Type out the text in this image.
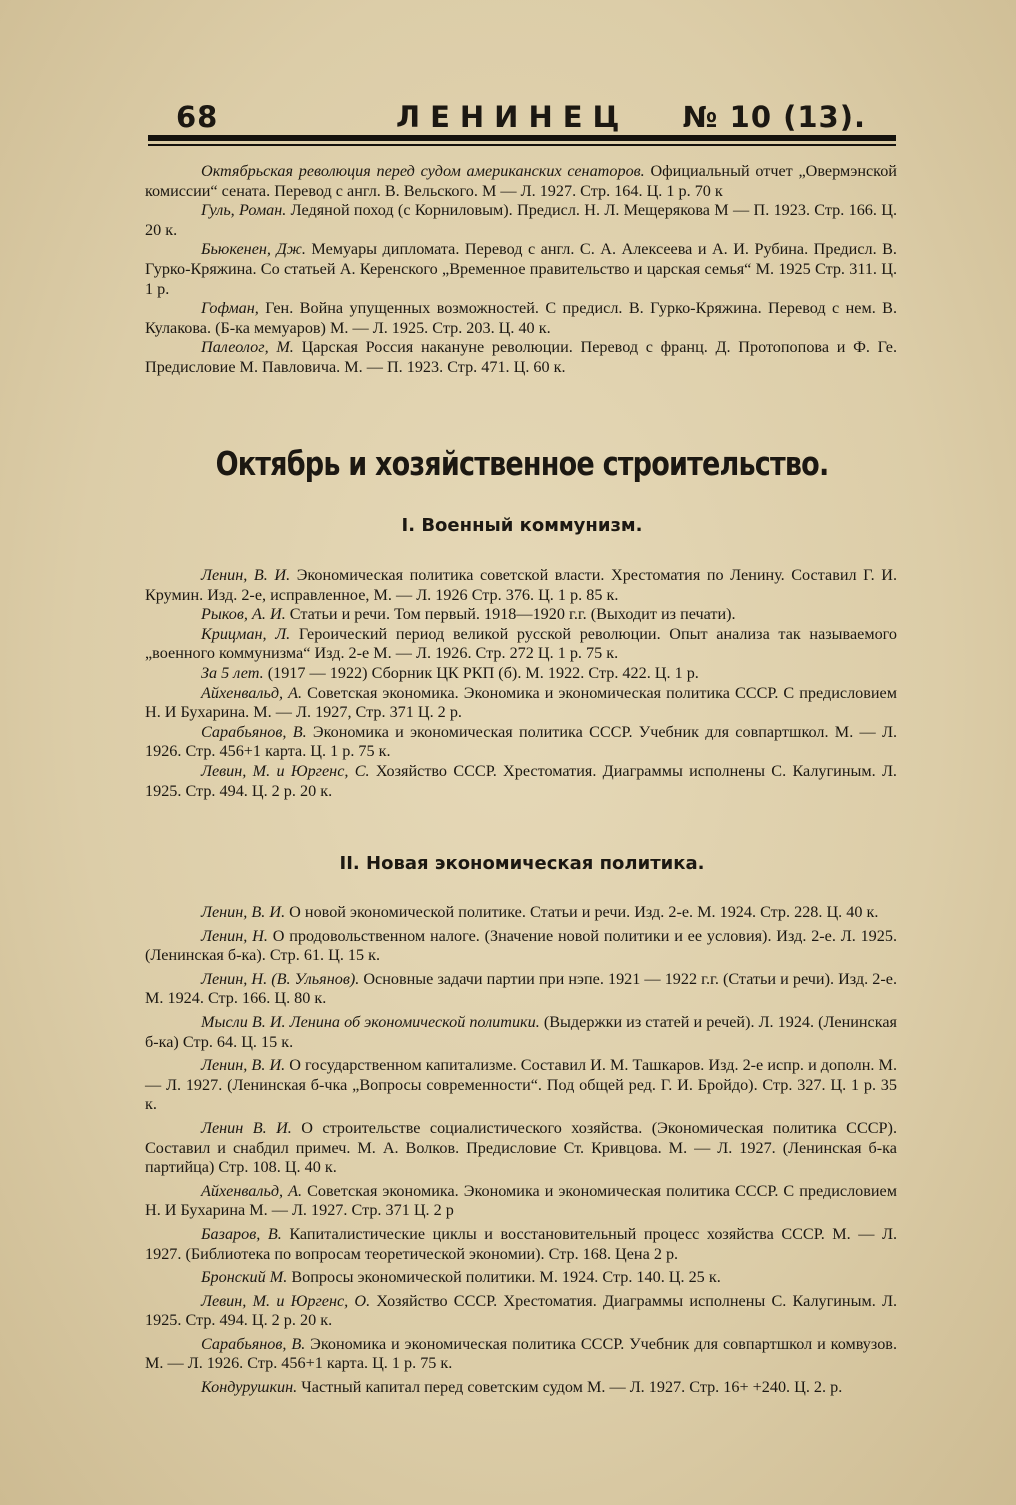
68	ЛЕНИНЕЦ № 10 (13).

Октябрьская революция перед судом американских сенаторов. Официальный отчет „Овермэнской комиссии“ сената. Перевод с англ. В. Вельского. М — Л. 1927. Стр. 164. Ц. 1 р. 70 к

Гуль, Роман. Ледяной поход (с Корниловым). Предисл. Н. Л. Мещерякова М — П. 1923. Стр. 166. Ц. 20 к.

Бьюкенен, Дж. Мемуары дипломата. Перевод с англ. С. А. Алексеева и А. И. Рубина. Предисл. В. Гурко-Кряжина. Со статьей А. Керенского „Временное правительство и царская семья“ М. 1925 Стр. 311. Ц. 1 р.

Гофман, Ген. Война упущенных возможностей. С предисл. В. Гурко-Кряжина. Перевод с нем. В. Кулакова. (Б-ка мемуаров) М. — Л. 1925. Стр. 203. Ц. 40 к.

Палеолог, М. Царская Россия накануне революции. Перевод с франц. Д. Протопопова и Ф. Ге. Предисловие М. Павловича. М. — П. 1923. Стр. 471. Ц. 60 к.

Октябрь и хозяйственное строительство.
I. Военный коммунизм.

Ленин, В. И. Экономическая политика советской власти. Хрестоматия по Ленину. Составил Г. И. Крумин. Изд. 2-е, исправленное, М. — Л. 1926 Стр. 376. Ц. 1 р. 85 к.

Рыков, А. И. Статьи и речи. Том первый. 1918—1920 г.г. (Выходит из печати).

Крицман, Л. Героический период великой русской революции. Опыт анализа так называемого „военного коммунизма“ Изд. 2-е М. — Л. 1926. Стр. 272 Ц. 1 р. 75 к.

За 5 лет. (1917 — 1922) Сборник ЦК РКП (б). М. 1922. Стр. 422. Ц. 1 р.

Айхенвальд, А. Советская экономика. Экономика и экономическая политика СССР. С предисловием Н. И Бухарина. М. — Л. 1927, Стр. 371 Ц. 2 р.

Сарабьянов, В. Экономика и экономическая политика СССР. Учебник для совпартшкол. М. — Л. 1926. Стр. 456+1 карта. Ц. 1 р. 75 к.

Левин, М. и Юргенс, С. Хозяйство СССР. Хрестоматия. Диаграммы исполнены С. Калугиным. Л. 1925. Стр. 494. Ц. 2 р. 20 к.

II. Новая экономическая политика.

Ленин, В. И. О новой экономической политике. Статьи и речи. Изд. 2-е. М. 1924. Стр. 228. Ц. 40 к.

Ленин, Н. О продовольственном налоге. (Значение новой политики и ее условия). Изд. 2-е. Л. 1925. (Ленинская б-ка). Стр. 61. Ц. 15 к.

Ленин, Н. (В. Ульянов). Основные задачи партии при нэпе. 1921 — 1922 г.г. (Статьи и речи). Изд. 2-е. М. 1924. Стр. 166. Ц. 80 к.

Мысли В. И. Ленина об экономической политики. (Выдержки из статей и речей). Л. 1924. (Ленинская б-ка) Стр. 64. Ц. 15 к.

Ленин, В. И. О государственном капитализме. Составил И. М. Ташкаров. Изд. 2-е испр. и дополн. М. — Л. 1927. (Ленинская б-чка „Вопросы современности“. Под общей ред. Г. И. Бройдо). Стр. 327. Ц. 1 р. 35 к.

Ленин В. И. О строительстве социалистического хозяйства. (Экономическая политика СССР). Составил и снабдил примеч. М. А. Волков. Предисловие Ст. Кривцова. М. — Л. 1927. (Ленинская б-ка партийца) Стр. 108. Ц. 40 к.

Айхенвальд, А. Советская экономика. Экономика и экономическая политика СССР. С предисловием Н. И Бухарина М. — Л. 1927. Стр. 371 Ц. 2 р

Базаров, В. Капиталистические циклы и восстановительный процесс хозяйства СССР. М. — Л. 1927. (Библиотека по вопросам теоретической экономии). Стр. 168. Цена 2 р.

Бронский М. Вопросы экономической политики. М. 1924. Стр. 140. Ц. 25 к.

Левин, М. и Юргенс, О. Хозяйство СССР. Хрестоматия. Диаграммы исполнены С. Калугиным. Л. 1925. Стр. 494. Ц. 2 р. 20 к.

Сарабьянов, В. Экономика и экономическая политика СССР. Учебник для совпартшкол и комвузов. М. — Л. 1926. Стр. 456+1 карта. Ц. 1 р. 75 к.

Кондурушкин. Частный капитал перед советским судом М. — Л. 1927. Стр. 16+ +240. Ц. 2. р.
